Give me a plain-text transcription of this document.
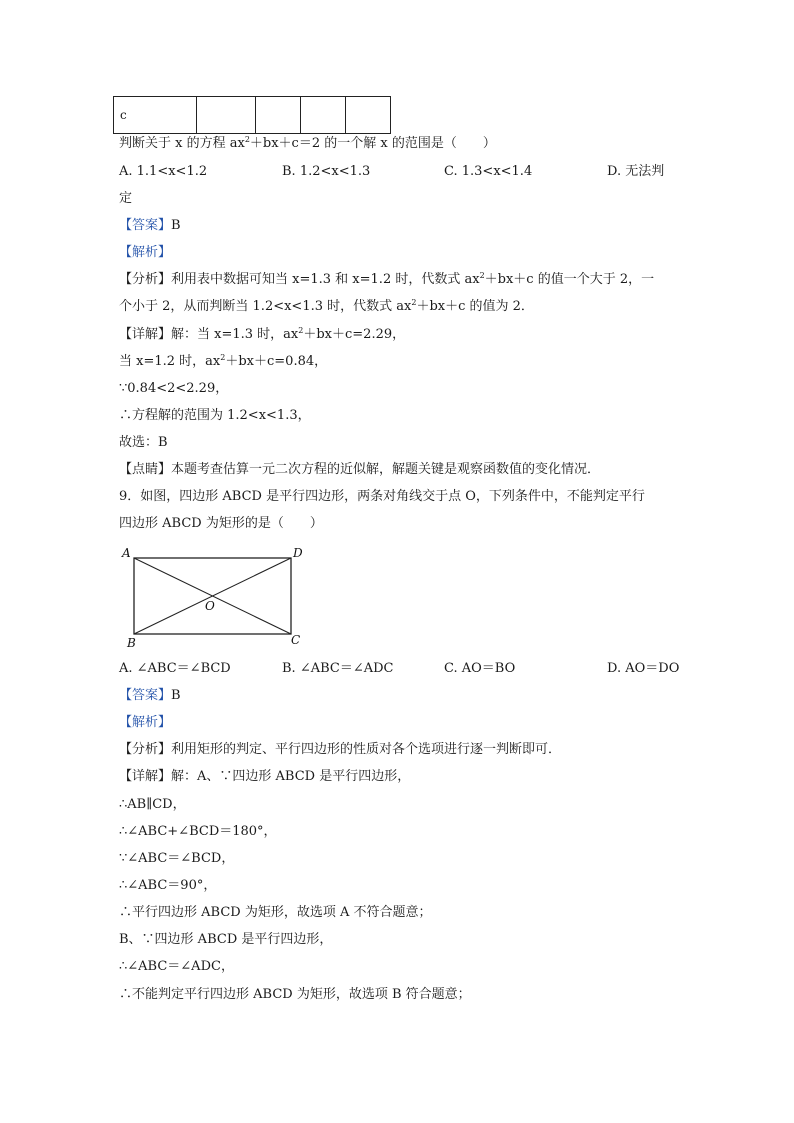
c				
判断关于 x 的方程 $ax^2+bx+c=2$ 的一个解 x 的范围是（　　）
A. 1.1<x<1.2	B. 1.2<x<1.3	C. 1.3<x<1.4	D. 无法判
定
【答案】B
【解析】
【分析】利用表中数据可知当 x=1.3 和 x=1.2 时，代数式 $ax^2+bx+c$ 的值一个大于 2，一
个小于 2，从而判断当 1.2<x<1.3 时，代数式 $ax^2+bx+c$ 的值为 2．
【详解】解：当 x=1.3 时，$ax^2+bx+c=2.29$，
当 x=1.2 时，$ax^2+bx+c=0.84$，
∵0.84<2<2.29，
∴方程解的范围为 1.2<x<1.3，
故选：B
【点睛】本题考查估算一元二次方程的近似解，解题关键是观察函数值的变化情况．
9．如图，四边形 ABCD 是平行四边形，两条对角线交于点 O，下列条件中，不能判定平行
四边形 ABCD 为矩形的是（　　）
A	D
B	C
O
A. ∠ABC＝∠BCD	B. ∠ABC＝∠ADC	C. AO＝BO	D. AO＝DO
【答案】B
【解析】
【分析】利用矩形的判定、平行四边形的性质对各个选项进行逐一判断即可．
【详解】解：A、∵四边形 ABCD 是平行四边形，
∴AB∥CD，
∴∠ABC+∠BCD＝180°，
∵∠ABC＝∠BCD，
∴∠ABC＝90°，
∴平行四边形 ABCD 为矩形，故选项 A 不符合题意；
B、∵四边形 ABCD 是平行四边形，
∴∠ABC＝∠ADC，
∴不能判定平行四边形 ABCD 为矩形，故选项 B 符合题意；
